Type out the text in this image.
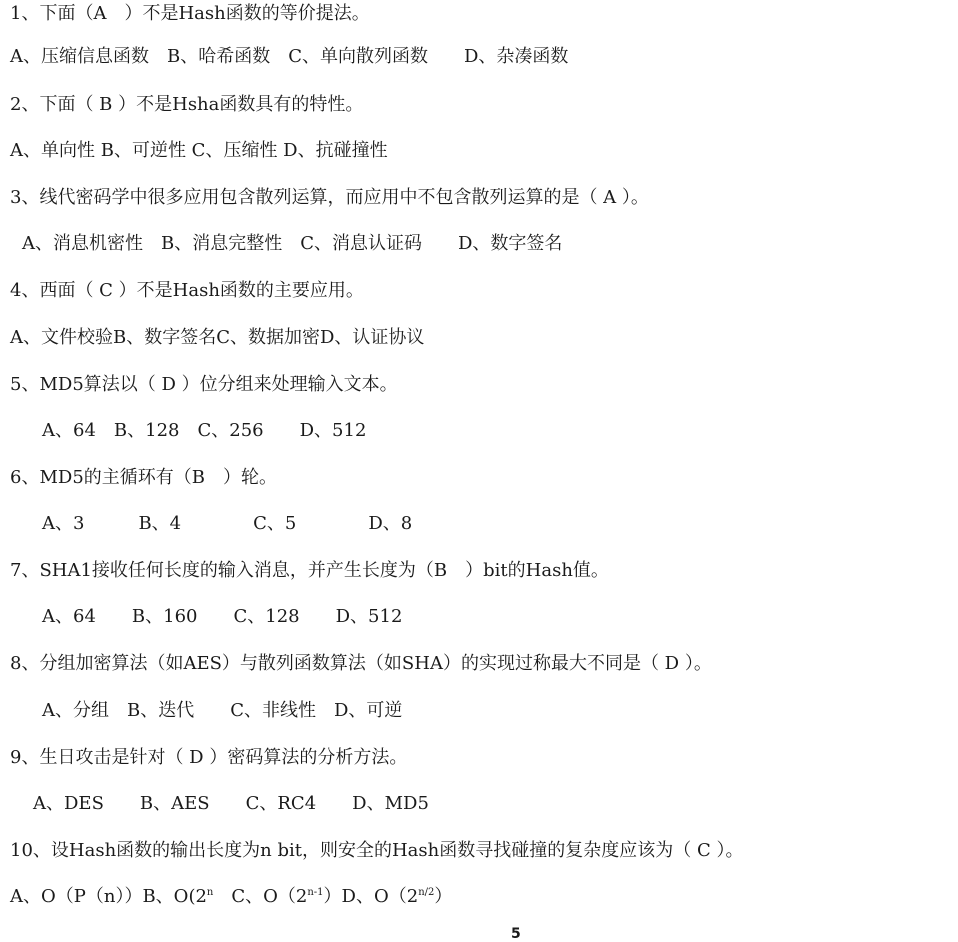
1、下面（A　）不是Hash函数的等价提法。
A、压缩信息函数　B、哈希函数　C、单向散列函数　　D、杂凑函数
2、下面（ B ）不是Hsha函数具有的特性。
A、单向性 B、可逆性 C、压缩性 D、抗碰撞性
3、线代密码学中很多应用包含散列运算，而应用中不包含散列运算的是（ A ）。
A、消息机密性　B、消息完整性　C、消息认证码　　D、数字签名
4、西面（ C ）不是Hash函数的主要应用。
A、文件校验B、数字签名C、数据加密D、认证协议
5、MD5算法以（ D ）位分组来处理输入文本。
A、64　B、128　C、256　　D、512
6、MD5的主循环有（B　）轮。
A、3　　　B、4　　　　C、5　　　　D、8
7、SHA1接收任何长度的输入消息，并产生长度为（B　）bit的Hash值。
A、64　　B、160　　C、128　　D、512
8、分组加密算法（如AES）与散列函数算法（如SHA）的实现过称最大不同是（ D ）。
A、分组　B、迭代　　C、非线性　D、可逆
9、生日攻击是针对（ D ）密码算法的分析方法。
A、DES　　B、AES　　C、RC4　　D、MD5
10、设Hash函数的输出长度为n bit，则安全的Hash函数寻找碰撞的复杂度应该为（ C ）。
A、O（P（n））B、O(2$^n$　 C、O（2$^{n-1}$）D、$O(2^{n/2})$
5
